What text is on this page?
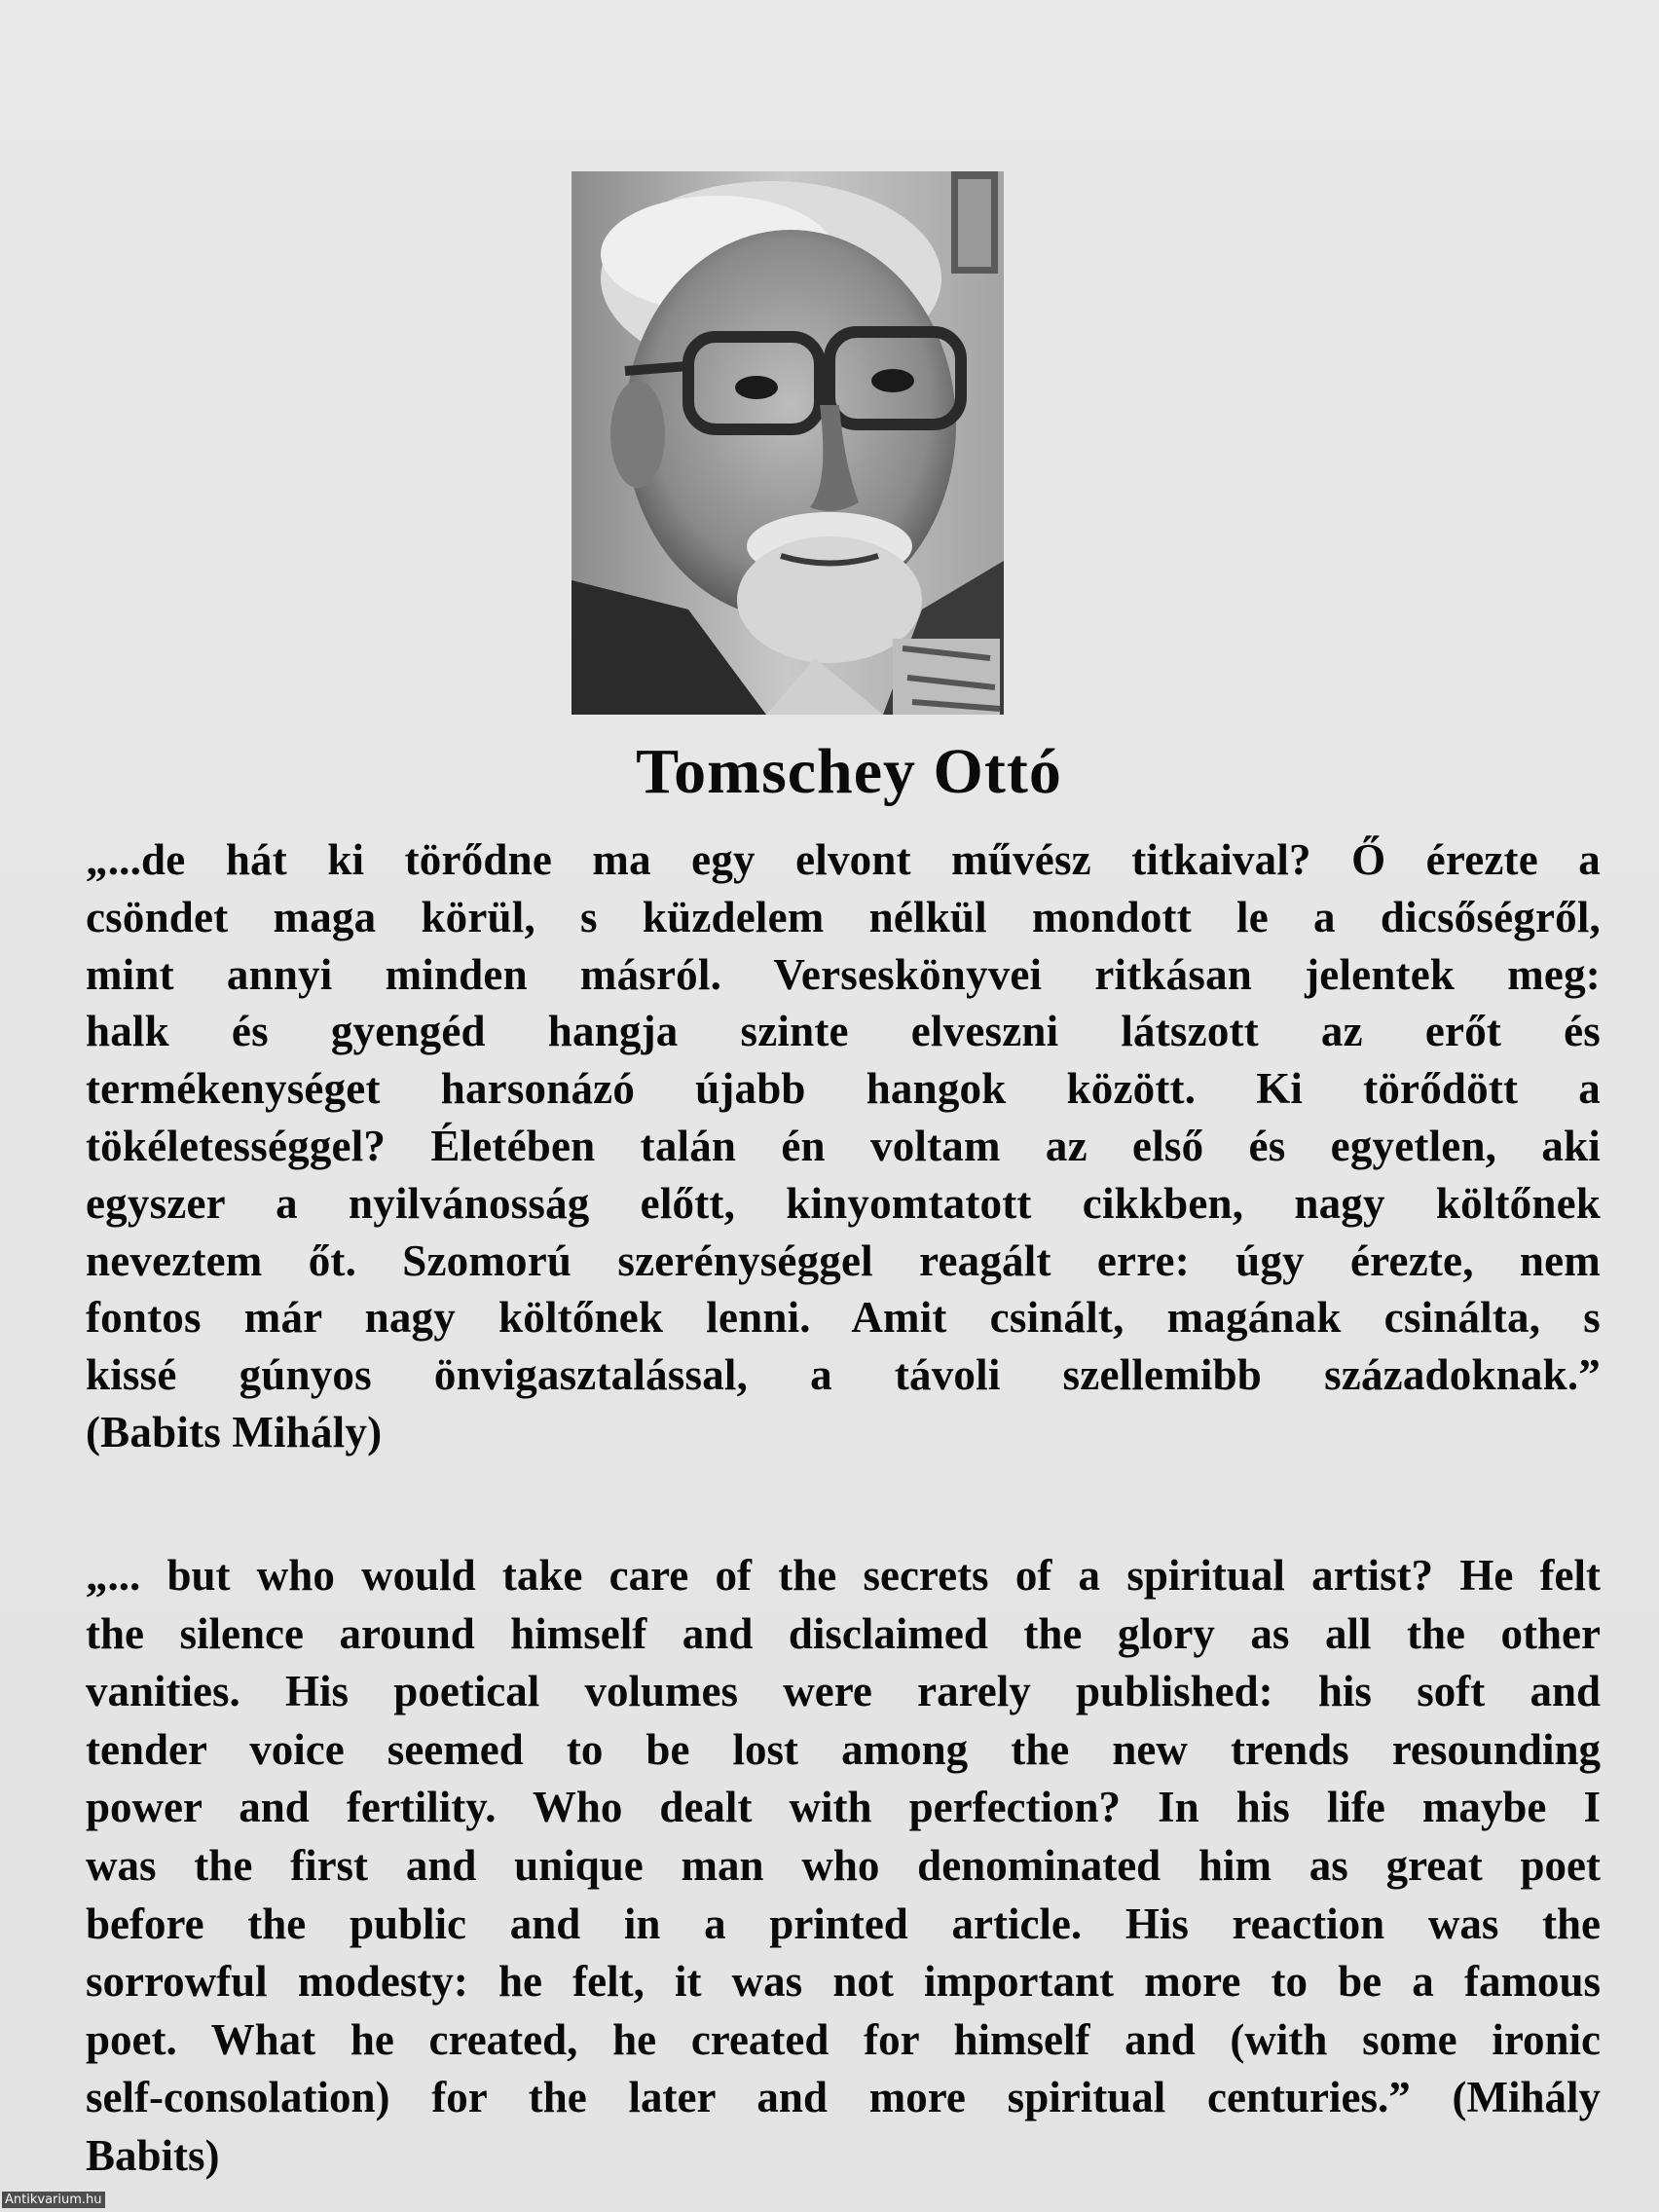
Tomschey Ottó

„...de hát ki törődne ma egy elvont művész titkaival? Ő érezte a
csöndet maga körül, s küzdelem nélkül mondott le a dicsőségről,
mint annyi minden másról. Verseskönyvei ritkásan jelentek meg:
halk és gyengéd hangja szinte elveszni látszott az erőt és
termékenységet harsonázó újabb hangok között. Ki törődött a
tökéletességgel? Életében talán én voltam az első és egyetlen, aki
egyszer a nyilvánosság előtt, kinyomtatott cikkben, nagy költőnek
neveztem őt. Szomorú szerénységgel reagált erre: úgy érezte, nem
fontos már nagy költőnek lenni. Amit csinált, magának csinálta, s
kissé gúnyos önvigasztalással, a távoli szellemibb századoknak.”
(Babits Mihály)

„... but who would take care of the secrets of a spiritual artist? He felt
the silence around himself and disclaimed the glory as all the other
vanities. His poetical volumes were rarely published: his soft and
tender voice seemed to be lost among the new trends resounding
power and fertility. Who dealt with perfection? In his life maybe I
was the first and unique man who denominated him as great poet
before the public and in a printed article. His reaction was the
sorrowful modesty: he felt, it was not important more to be a famous
poet. What he created, he created for himself and (with some ironic
self-consolation) for the later and more spiritual centuries.” (Mihály
Babits)

Antikvarium.hu
